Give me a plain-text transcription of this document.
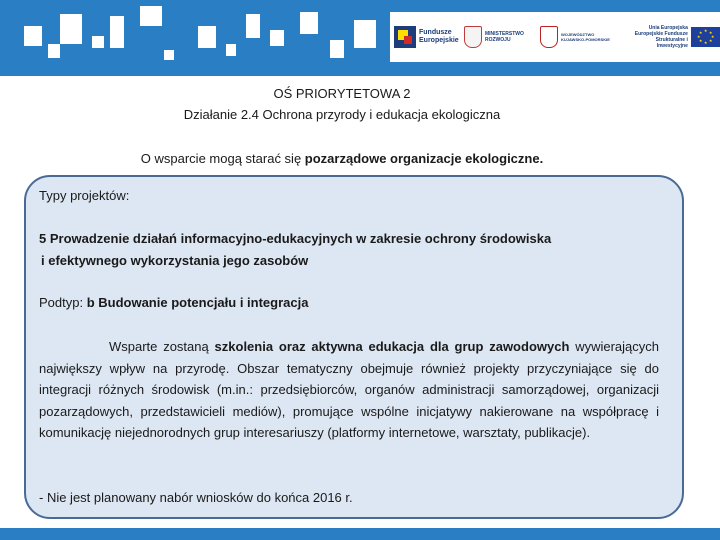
Fundusze
Europejskie
MINISTERSTWO
ROZWOJU
WOJEWÓDZTWO
KUJAWSKO-POMORSKIE
Unia Europejska
Europejskie Fundusze
Strukturalne i Inwestycyjne
★ ★
★
★
★
★
★
★
OŚ PRIORYTETOWA 2
Działanie 2.4 Ochrona przyrody i edukacja ekologiczna
O wsparcie mogą starać się pozarządowe organizacje ekologiczne.
Typy projektów:
5 Prowadzenie działań informacyjno-edukacyjnych w zakresie ochrony środowiska
i efektywnego wykorzystania jego zasobów
Podtyp: b Budowanie potencjału i integracja
Wsparte zostaną szkolenia oraz aktywna edukacja dla grup zawodowych wywierających największy wpływ na przyrodę. Obszar tematyczny obejmuje również projekty przyczyniające się do integracji różnych środowisk (m.in.: przedsiębiorców, organów administracji samorządowej, organizacji pozarządowych, przedstawicieli mediów), promujące wspólne inicjatywy nakierowane na współpracę i komunikację niejednorodnych grup interesariuszy (platformy internetowe, warsztaty, publikacje).
- Nie jest planowany nabór wniosków do końca 2016 r.
